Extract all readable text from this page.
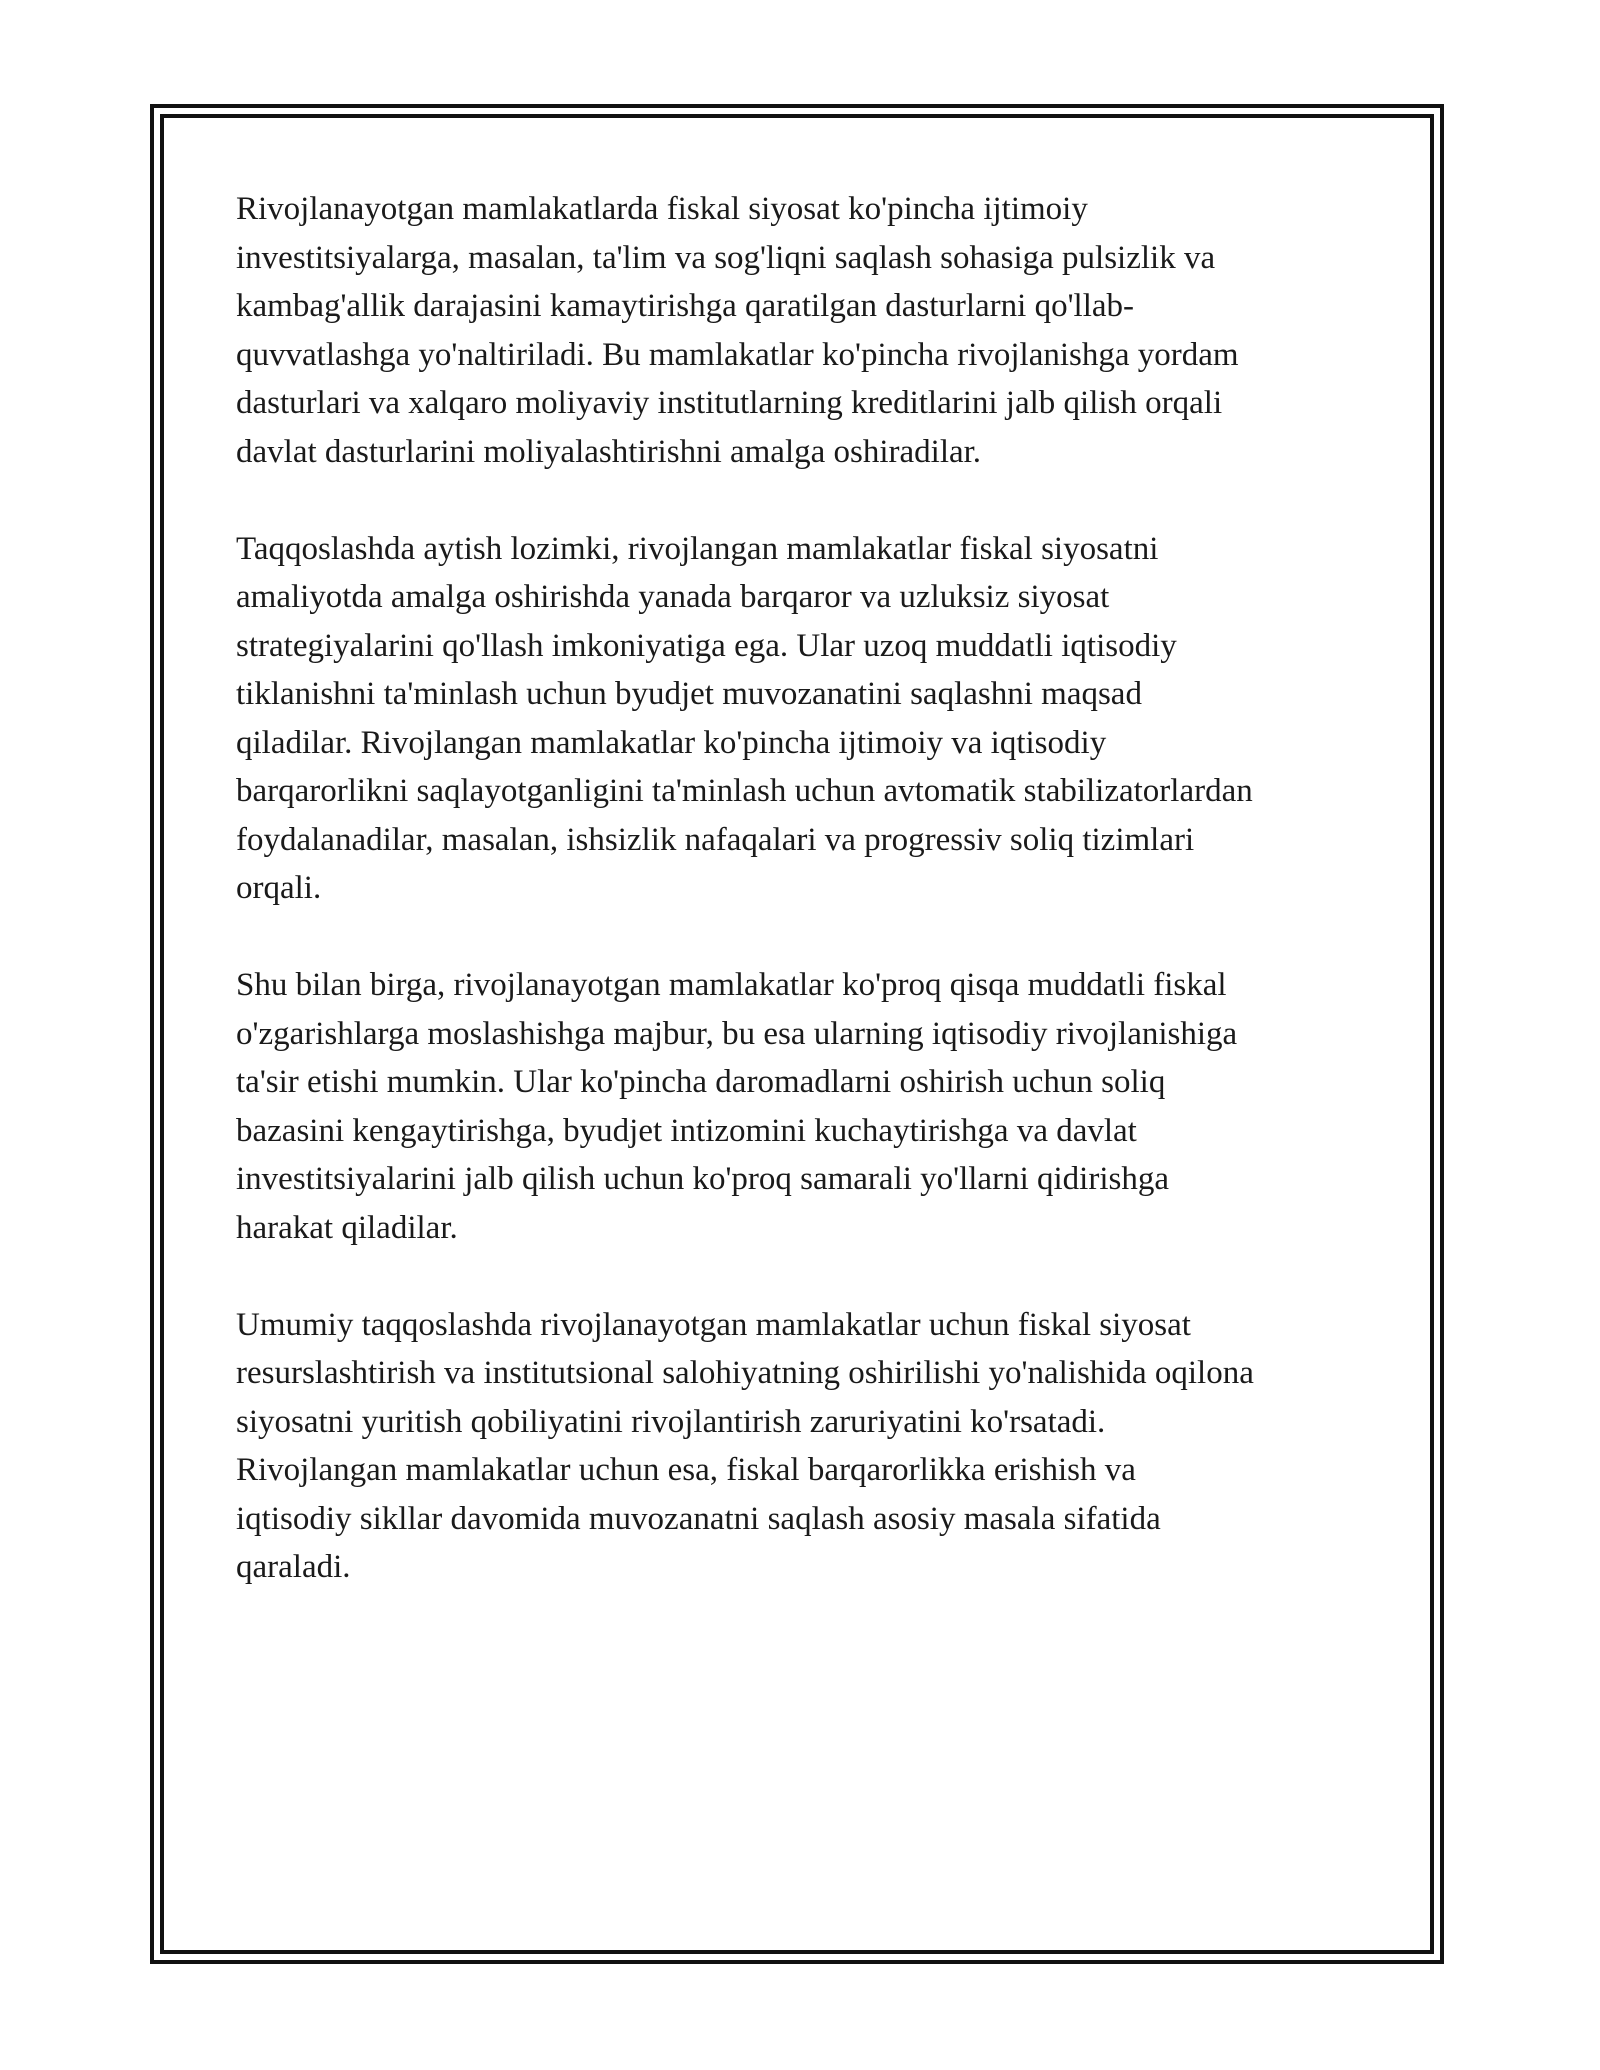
Rivojlanayotgan mamlakatlarda fiskal siyosat ko'pincha ijtimoiy
investitsiyalarga, masalan, ta'lim va sog'liqni saqlash sohasiga pulsizlik va
kambag'allik darajasini kamaytirishga qaratilgan dasturlarni qo'llab-
quvvatlashga yo'naltiriladi. Bu mamlakatlar ko'pincha rivojlanishga yordam
dasturlari va xalqaro moliyaviy institutlarning kreditlarini jalb qilish orqali
davlat dasturlarini moliyalashtirishni amalga oshiradilar.

Taqqoslashda aytish lozimki, rivojlangan mamlakatlar fiskal siyosatni
amaliyotda amalga oshirishda yanada barqaror va uzluksiz siyosat
strategiyalarini qo'llash imkoniyatiga ega. Ular uzoq muddatli iqtisodiy
tiklanishni ta'minlash uchun byudjet muvozanatini saqlashni maqsad
qiladilar. Rivojlangan mamlakatlar ko'pincha ijtimoiy va iqtisodiy
barqarorlikni saqlayotganligini ta'minlash uchun avtomatik stabilizatorlardan
foydalanadilar, masalan, ishsizlik nafaqalari va progressiv soliq tizimlari
orqali.

Shu bilan birga, rivojlanayotgan mamlakatlar ko'proq qisqa muddatli fiskal
o'zgarishlarga moslashishga majbur, bu esa ularning iqtisodiy rivojlanishiga
ta'sir etishi mumkin. Ular ko'pincha daromadlarni oshirish uchun soliq
bazasini kengaytirishga, byudjet intizomini kuchaytirishga va davlat
investitsiyalarini jalb qilish uchun ko'proq samarali yo'llarni qidirishga
harakat qiladilar.

Umumiy taqqoslashda rivojlanayotgan mamlakatlar uchun fiskal siyosat
resurslashtirish va institutsional salohiyatning oshirilishi yo'nalishida oqilona
siyosatni yuritish qobiliyatini rivojlantirish zaruriyatini ko'rsatadi.
Rivojlangan mamlakatlar uchun esa, fiskal barqarorlikka erishish va
iqtisodiy sikllar davomida muvozanatni saqlash asosiy masala sifatida
qaraladi.
